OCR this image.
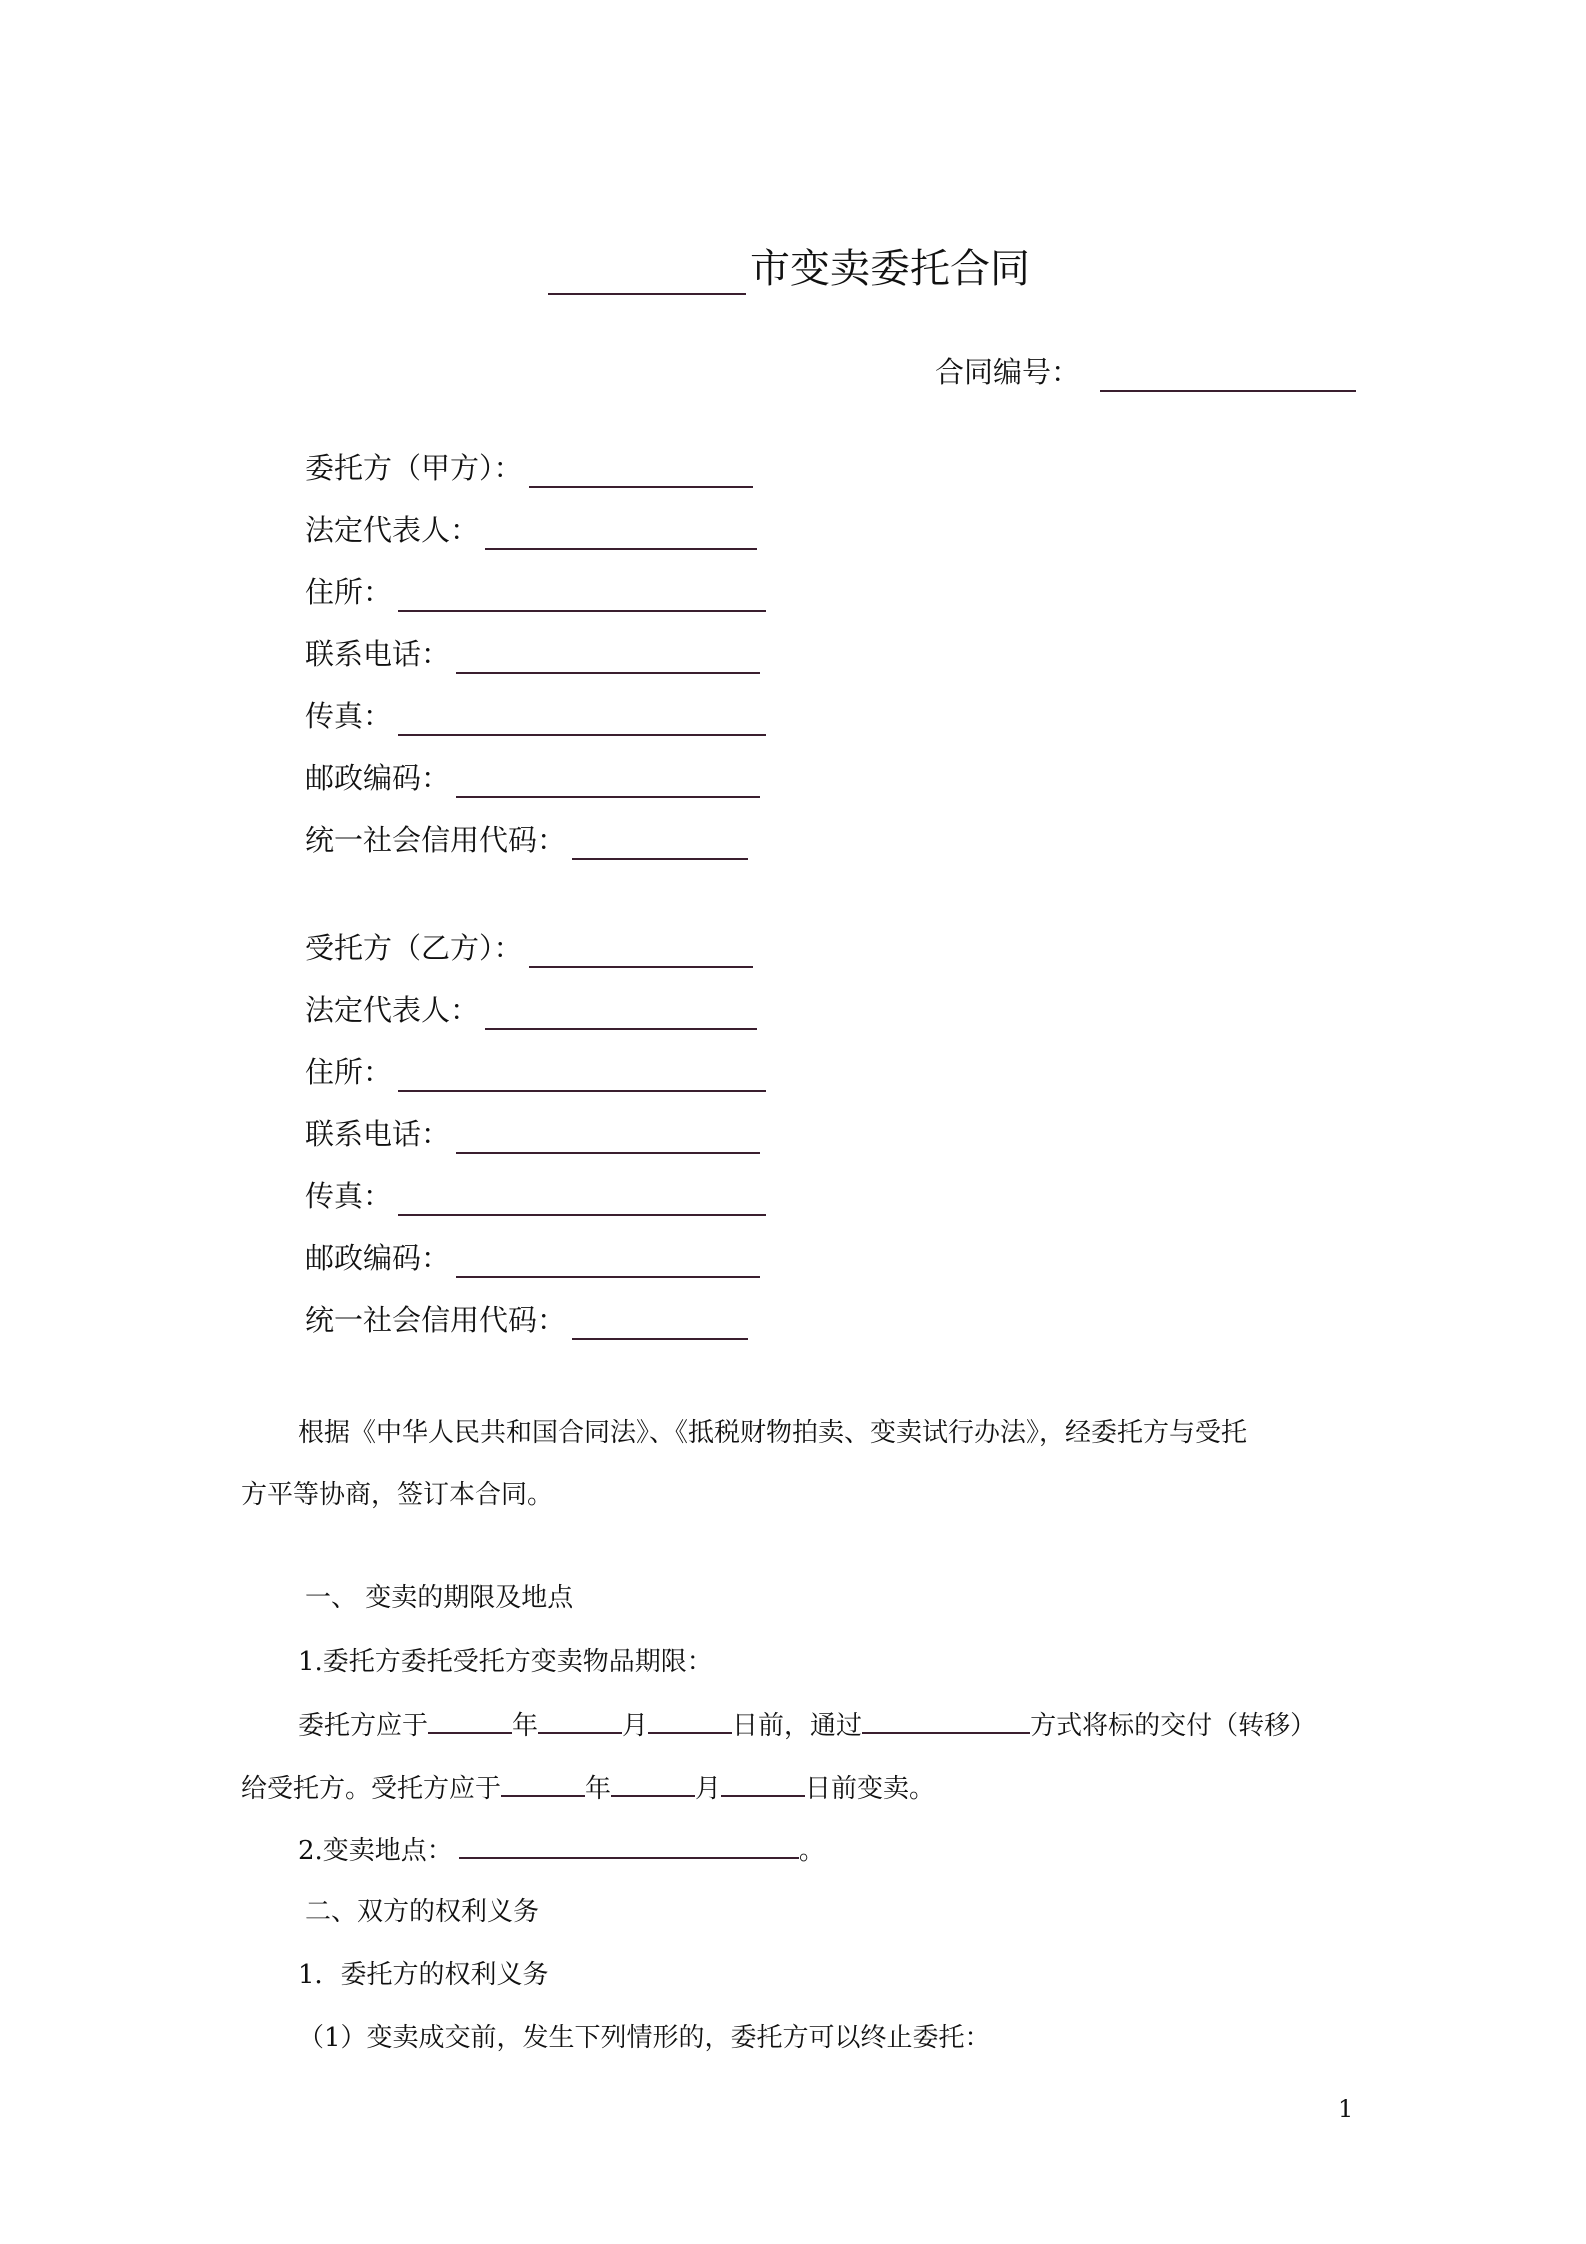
市变卖委托合同
合同编号：
委托方（甲方）：
法定代表人：
住所：
联系电话：
传真：
邮政编码：
统一社会信用代码：
受托方（乙方）：
法定代表人：
住所：
联系电话：
传真：
邮政编码：
统一社会信用代码：
根据《中华人民共和国合同法》、《抵税财物拍卖、变卖试行办法》，经委托方与受托
方平等协商，签订本合同。
一、 变卖的期限及地点
1.委托方委托受托方变卖物品期限：
委托方应于	年	月	日前，通过	方式将标的交付（转移）
给受托方。受托方应于	年	月	日前变卖。
2.变卖地点：	。
二、双方的权利义务
1．委托方的权利义务
（1）变卖成交前，发生下列情形的，委托方可以终止委托：
1
